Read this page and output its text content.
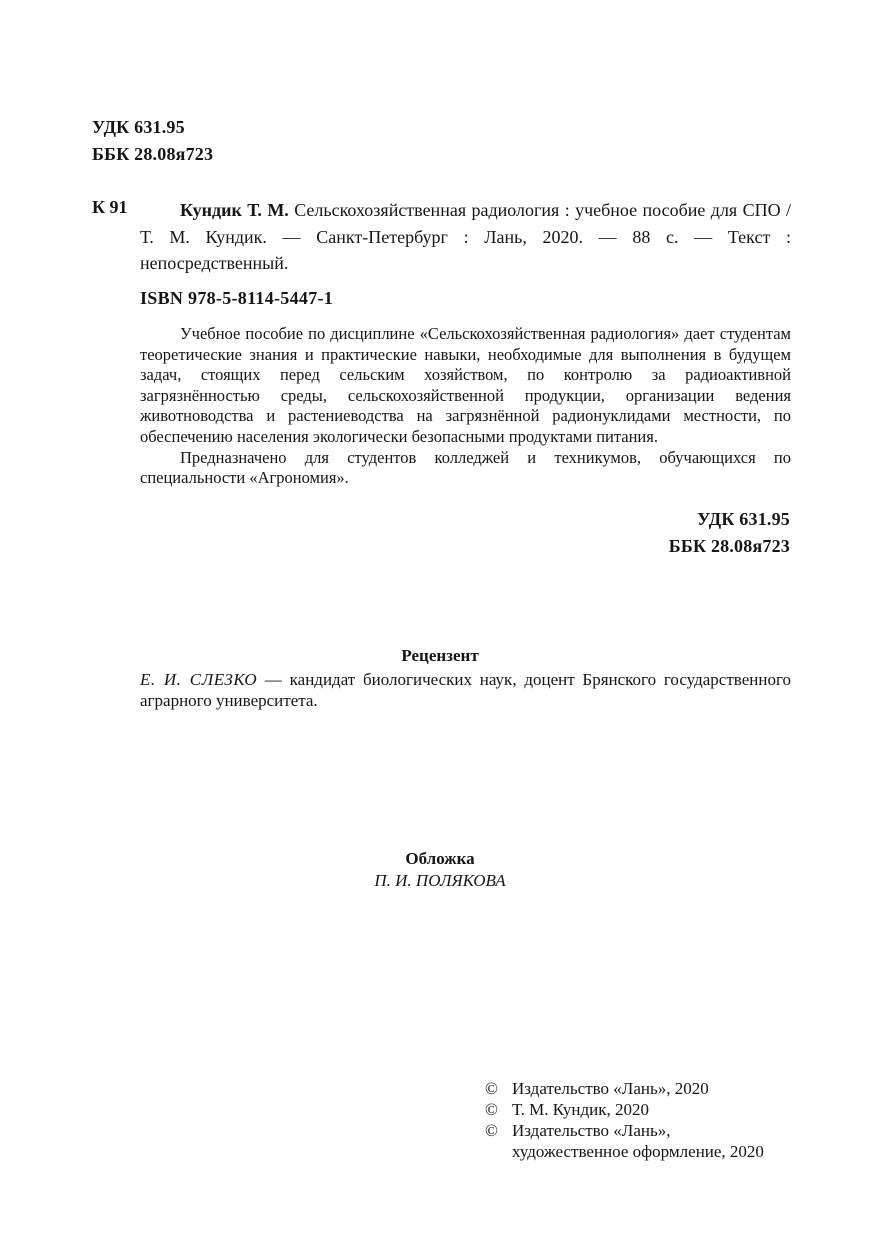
УДК 631.95
ББК 28.08я723
К 91	Кундик Т. М. Сельскохозяйственная радиология : учебное пособие для СПО / Т. М. Кундик. — Санкт-Петербург : Лань, 2020. — 88 с. — Текст : непосредственный.

ISBN 978-5-8114-5447-1

Учебное пособие по дисциплине «Сельскохозяйственная радиология» дает студентам теоретические знания и практические навыки, необходимые для выполнения в будущем задач, стоящих перед сельским хозяйством, по контролю за радиоактивной загрязнённостью среды, сельскохозяйственной продукции, организации ведения животноводства и растениеводства на загрязнённой радионуклидами местности, по обеспечению населения экологически безопасными продуктами питания.

Предназначено для студентов колледжей и техникумов, обучающихся по специальности «Агрономия».

УДК 631.95
ББК 28.08я723
Рецензент

Е. И. СЛЕЗКО — кандидат биологических наук, доцент Брянского государственного аграрного университета.

Обложка
П. И. ПОЛЯКОВА
© Издательство «Лань», 2020
© Т. М. Кундик, 2020
© Издательство «Лань»,
художественное оформление, 2020
